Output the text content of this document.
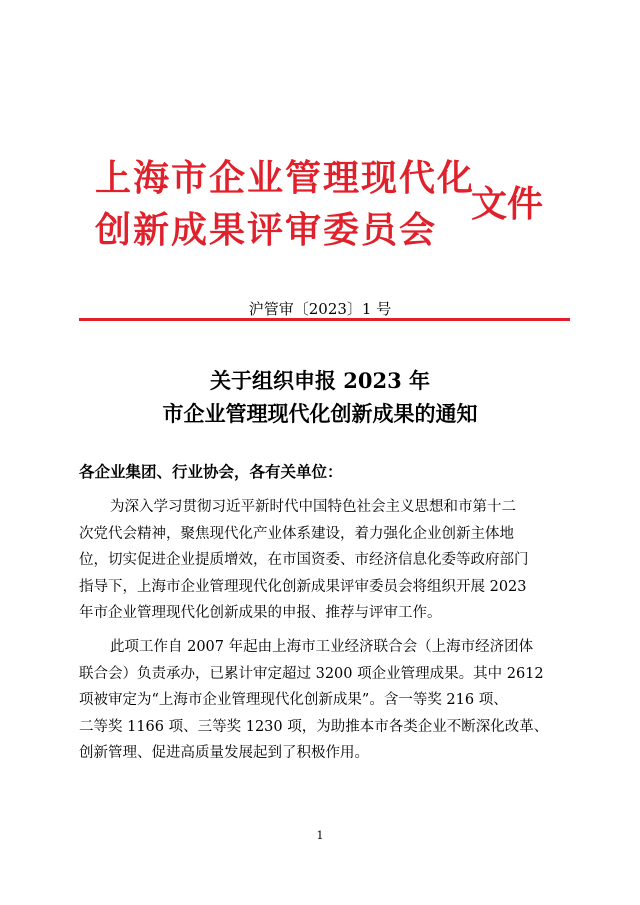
上海市企业管理现代化
创新成果评审委员会
文件
沪管审〔2023〕1 号
关于组织申报 2023 年
市企业管理现代化创新成果的通知
各企业集团、行业协会，各有关单位：
为深入学习贯彻习近平新时代中国特色社会主义思想和市第十二
次党代会精神，聚焦现代化产业体系建设，着力强化企业创新主体地
位，切实促进企业提质增效，在市国资委、市经济信息化委等政府部门
指导下，上海市企业管理现代化创新成果评审委员会将组织开展 2023
年市企业管理现代化创新成果的申报、推荐与评审工作。
此项工作自 2007 年起由上海市工业经济联合会（上海市经济团体
联合会）负责承办，已累计审定超过 3200 项企业管理成果。其中 2612
项被审定为“上海市企业管理现代化创新成果”。含一等奖 216 项、
二等奖 1166 项、三等奖 1230 项，为助推本市各类企业不断深化改革、
创新管理、促进高质量发展起到了积极作用。
1
